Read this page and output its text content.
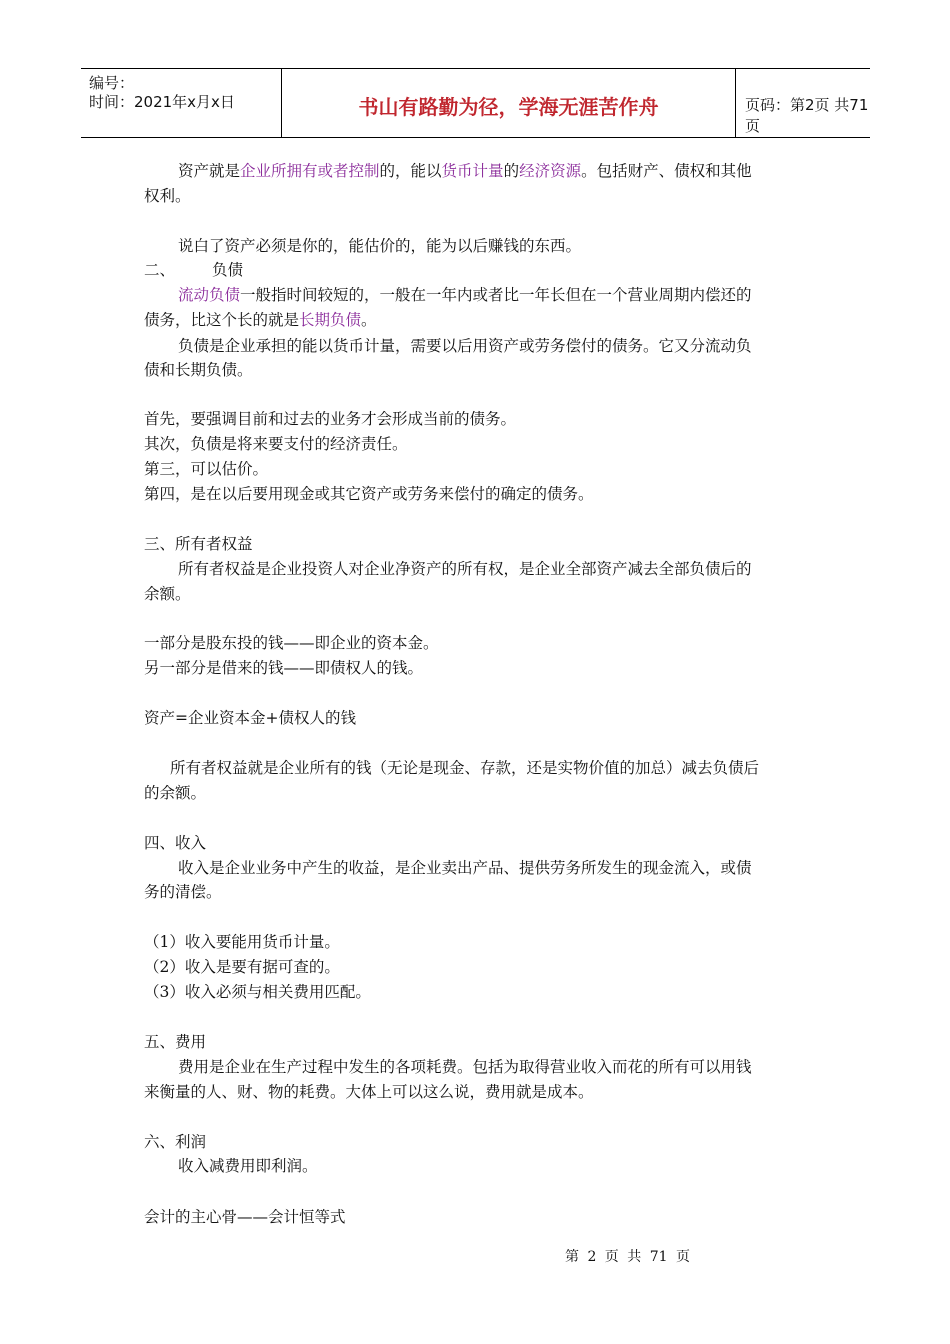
编号：
时间：2021年x月x日	书山有路勤为径，学海无涯苦作舟	页码：第2页 共71页
资产就是企业所拥有或者控制的，能以货币计量的经济资源。包括财产、债权和其他
权利。
说白了资产必须是你的，能估价的，能为以后赚钱的东西。
二、 负债
流动负债一般指时间较短的，一般在一年内或者比一年长但在一个营业周期内偿还的
债务，比这个长的就是长期负债。
负债是企业承担的能以货币计量，需要以后用资产或劳务偿付的债务。它又分流动负
债和长期负债。
首先，要强调目前和过去的业务才会形成当前的债务。
其次，负债是将来要支付的经济责任。
第三，可以估价。
第四，是在以后要用现金或其它资产或劳务来偿付的确定的债务。
三、所有者权益
所有者权益是企业投资人对企业净资产的所有权，是企业全部资产减去全部负债后的
余额。
一部分是股东投的钱——即企业的资本金。
另一部分是借来的钱——即债权人的钱。
资产=企业资本金+债权人的钱
所有者权益就是企业所有的钱（无论是现金、存款，还是实物价值的加总）减去负债后
的余额。
四、收入
收入是企业业务中产生的收益，是企业卖出产品、提供劳务所发生的现金流入，或债
务的清偿。
（1）收入要能用货币计量。
（2）收入是要有据可查的。
（3）收入必须与相关费用匹配。
五、费用
费用是企业在生产过程中发生的各项耗费。包括为取得营业收入而花的所有可以用钱
来衡量的人、财、物的耗费。大体上可以这么说，费用就是成本。
六、利润
收入减费用即利润。
会计的主心骨——会计恒等式
第 2 页 共 71 页
